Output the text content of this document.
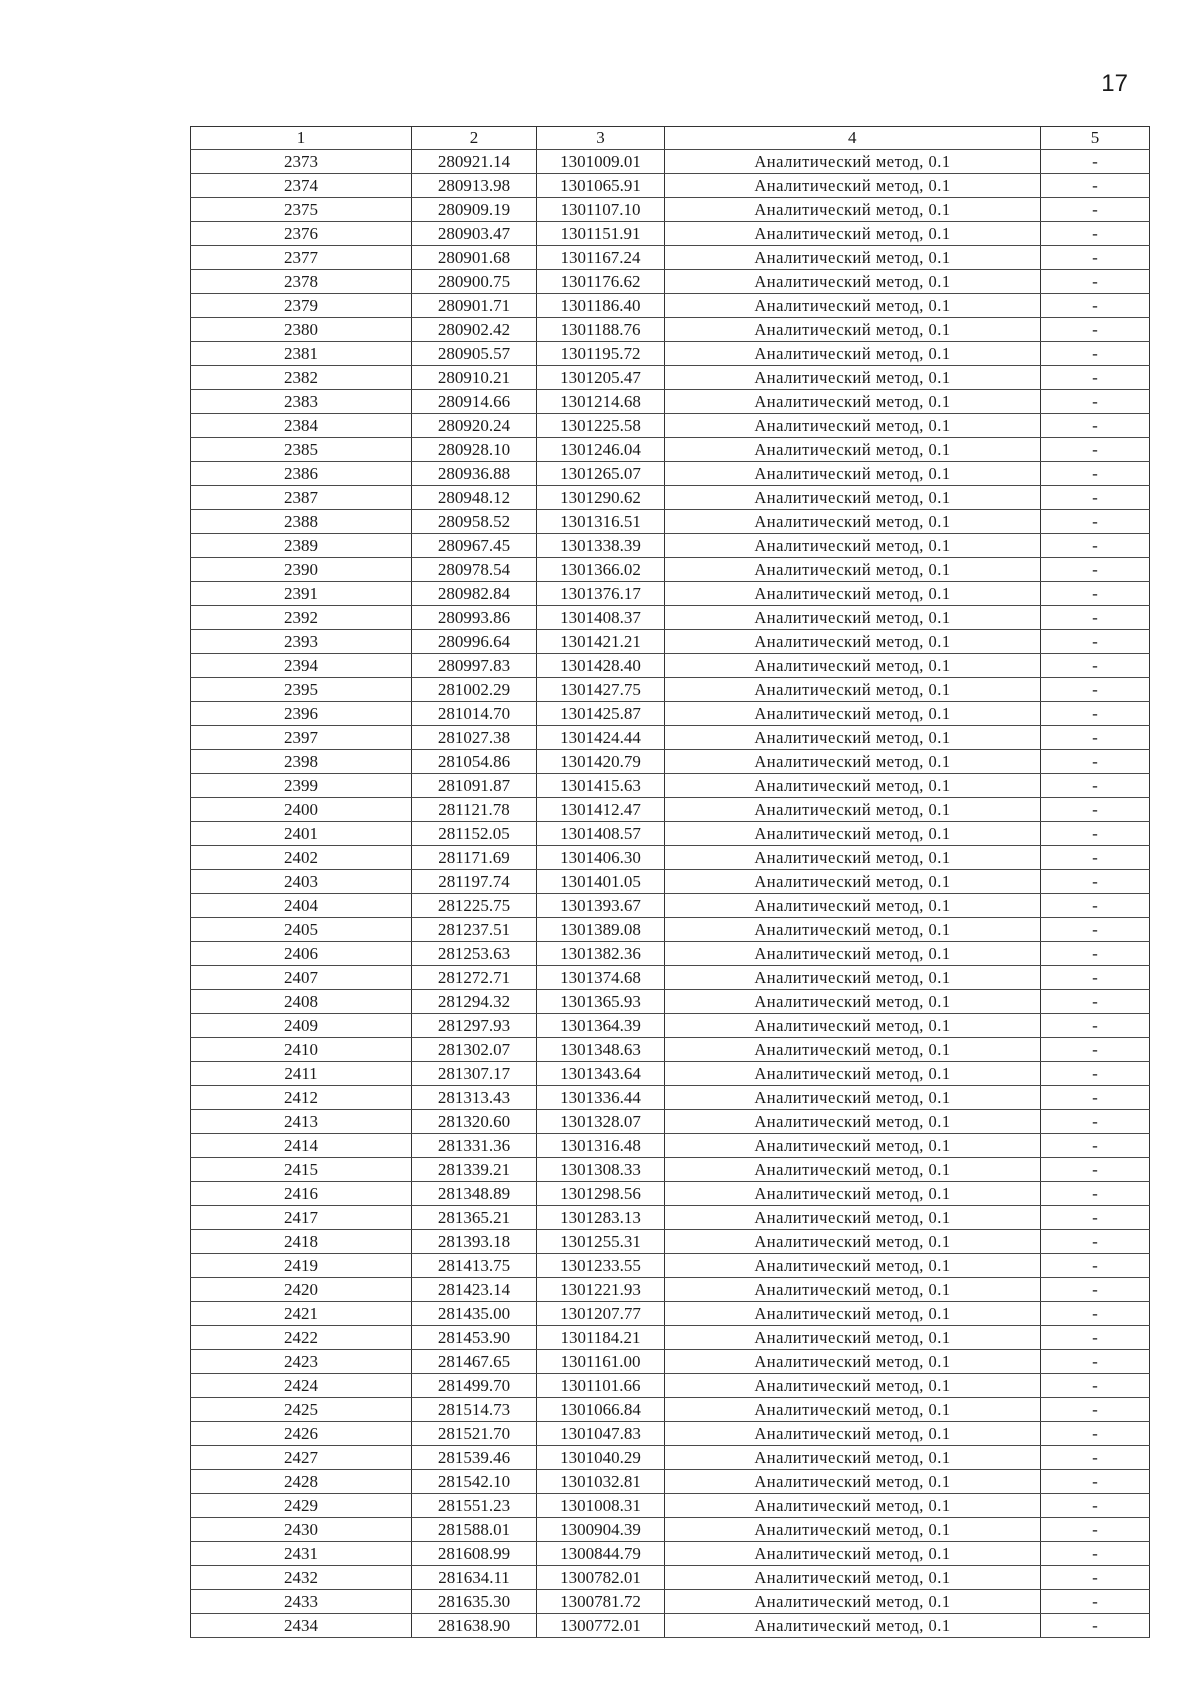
17
1	2	3	4	5
2373	280921.14	1301009.01	Аналитический метод, 0.1	-
2374	280913.98	1301065.91	Аналитический метод, 0.1	-
2375	280909.19	1301107.10	Аналитический метод, 0.1	-
2376	280903.47	1301151.91	Аналитический метод, 0.1	-
2377	280901.68	1301167.24	Аналитический метод, 0.1	-
2378	280900.75	1301176.62	Аналитический метод, 0.1	-
2379	280901.71	1301186.40	Аналитический метод, 0.1	-
2380	280902.42	1301188.76	Аналитический метод, 0.1	-
2381	280905.57	1301195.72	Аналитический метод, 0.1	-
2382	280910.21	1301205.47	Аналитический метод, 0.1	-
2383	280914.66	1301214.68	Аналитический метод, 0.1	-
2384	280920.24	1301225.58	Аналитический метод, 0.1	-
2385	280928.10	1301246.04	Аналитический метод, 0.1	-
2386	280936.88	1301265.07	Аналитический метод, 0.1	-
2387	280948.12	1301290.62	Аналитический метод, 0.1	-
2388	280958.52	1301316.51	Аналитический метод, 0.1	-
2389	280967.45	1301338.39	Аналитический метод, 0.1	-
2390	280978.54	1301366.02	Аналитический метод, 0.1	-
2391	280982.84	1301376.17	Аналитический метод, 0.1	-
2392	280993.86	1301408.37	Аналитический метод, 0.1	-
2393	280996.64	1301421.21	Аналитический метод, 0.1	-
2394	280997.83	1301428.40	Аналитический метод, 0.1	-
2395	281002.29	1301427.75	Аналитический метод, 0.1	-
2396	281014.70	1301425.87	Аналитический метод, 0.1	-
2397	281027.38	1301424.44	Аналитический метод, 0.1	-
2398	281054.86	1301420.79	Аналитический метод, 0.1	-
2399	281091.87	1301415.63	Аналитический метод, 0.1	-
2400	281121.78	1301412.47	Аналитический метод, 0.1	-
2401	281152.05	1301408.57	Аналитический метод, 0.1	-
2402	281171.69	1301406.30	Аналитический метод, 0.1	-
2403	281197.74	1301401.05	Аналитический метод, 0.1	-
2404	281225.75	1301393.67	Аналитический метод, 0.1	-
2405	281237.51	1301389.08	Аналитический метод, 0.1	-
2406	281253.63	1301382.36	Аналитический метод, 0.1	-
2407	281272.71	1301374.68	Аналитический метод, 0.1	-
2408	281294.32	1301365.93	Аналитический метод, 0.1	-
2409	281297.93	1301364.39	Аналитический метод, 0.1	-
2410	281302.07	1301348.63	Аналитический метод, 0.1	-
2411	281307.17	1301343.64	Аналитический метод, 0.1	-
2412	281313.43	1301336.44	Аналитический метод, 0.1	-
2413	281320.60	1301328.07	Аналитический метод, 0.1	-
2414	281331.36	1301316.48	Аналитический метод, 0.1	-
2415	281339.21	1301308.33	Аналитический метод, 0.1	-
2416	281348.89	1301298.56	Аналитический метод, 0.1	-
2417	281365.21	1301283.13	Аналитический метод, 0.1	-
2418	281393.18	1301255.31	Аналитический метод, 0.1	-
2419	281413.75	1301233.55	Аналитический метод, 0.1	-
2420	281423.14	1301221.93	Аналитический метод, 0.1	-
2421	281435.00	1301207.77	Аналитический метод, 0.1	-
2422	281453.90	1301184.21	Аналитический метод, 0.1	-
2423	281467.65	1301161.00	Аналитический метод, 0.1	-
2424	281499.70	1301101.66	Аналитический метод, 0.1	-
2425	281514.73	1301066.84	Аналитический метод, 0.1	-
2426	281521.70	1301047.83	Аналитический метод, 0.1	-
2427	281539.46	1301040.29	Аналитический метод, 0.1	-
2428	281542.10	1301032.81	Аналитический метод, 0.1	-
2429	281551.23	1301008.31	Аналитический метод, 0.1	-
2430	281588.01	1300904.39	Аналитический метод, 0.1	-
2431	281608.99	1300844.79	Аналитический метод, 0.1	-
2432	281634.11	1300782.01	Аналитический метод, 0.1	-
2433	281635.30	1300781.72	Аналитический метод, 0.1	-
2434	281638.90	1300772.01	Аналитический метод, 0.1	-
